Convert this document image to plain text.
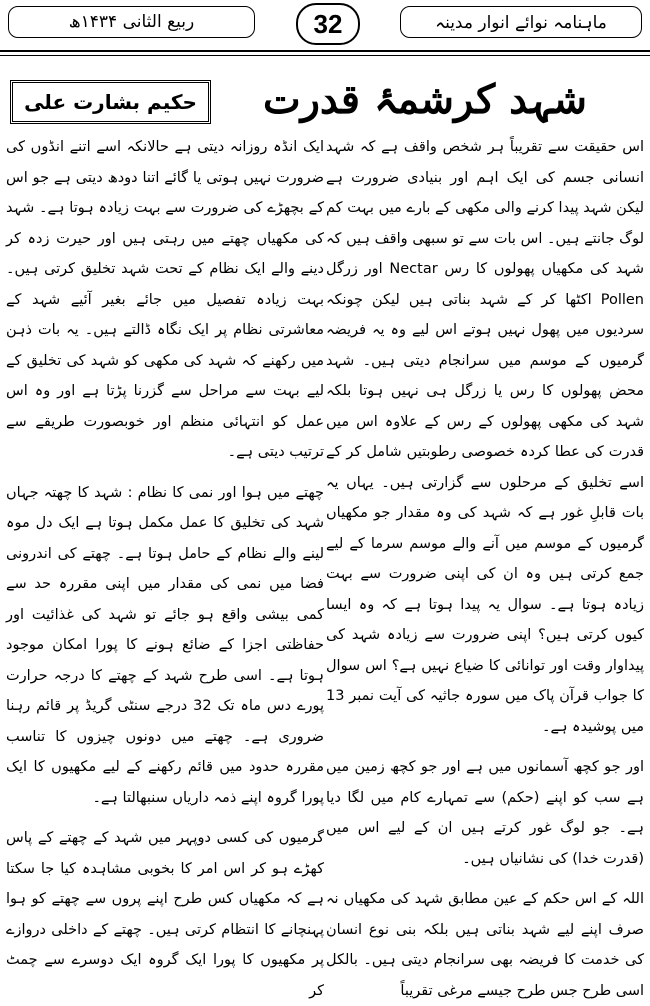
ربیع الثانی ۱۴۳۴ھ	32	ماہنامہ نوائے انوار مدینہ
شہد کرشمۂ قدرت
حکیم بشارت علی

اس حقیقت سے تقریباً ہر شخص واقف ہے کہ شہد انسانی جسم کی ایک اہم اور بنیادی ضرورت ہے لیکن شہد پیدا کرنے والی مکھی کے بارے میں بہت کم لوگ جانتے ہیں۔ اس بات سے تو سبھی واقف ہیں کہ شہد کی مکھیاں پھولوں کا رس Nectar اور زرگل Pollen اکٹھا کر کے شہد بناتی ہیں لیکن چونکہ سردیوں میں پھول نہیں ہوتے اس لیے وہ یہ فریضہ گرمیوں کے موسم میں سرانجام دیتی ہیں۔ شہد محض پھولوں کا رس یا زرگل ہی نہیں ہوتا بلکہ شہد کی مکھی پھولوں کے رس کے علاوہ اس میں قدرت کی عطا کردہ خصوصی رطوبتیں شامل کر کے اسے تخلیق کے مرحلوں سے گزارتی ہیں۔ یہاں یہ بات قابلِ غور ہے کہ شہد کی وہ مقدار جو مکھیاں گرمیوں کے موسم میں آنے والے موسم سرما کے لیے جمع کرتی ہیں وہ ان کی اپنی ضرورت سے بہت زیادہ ہوتا ہے۔ سوال یہ پیدا ہوتا ہے کہ وہ ایسا کیوں کرتی ہیں؟ اپنی ضرورت سے زیادہ شہد کی پیداوار وقت اور توانائی کا ضیاع نہیں ہے؟ اس سوال کا جواب قرآن پاک میں سورہ جاثیہ کی آیت نمبر 13 میں پوشیدہ ہے۔

اور جو کچھ آسمانوں میں ہے اور جو کچھ زمین میں ہے سب کو اپنے (حکم) سے تمہارے کام میں لگا دیا ہے۔ جو لوگ غور کرتے ہیں ان کے لیے اس میں (قدرت خدا) کی نشانیاں ہیں۔

اللہ کے اس حکم کے عین مطابق شہد کی مکھیاں نہ صرف اپنے لیے شہد بناتی ہیں بلکہ بنی نوع انسان کی خدمت کا فریضہ بھی سرانجام دیتی ہیں۔ بالکل اسی طرح جس طرح جیسے مرغی تقریباً

ایک انڈہ روزانہ دیتی ہے حالانکہ اسے اتنے انڈوں کی ضرورت نہیں ہوتی یا گائے اتنا دودھ دیتی ہے جو اس کے بچھڑے کی ضرورت سے بہت زیادہ ہوتا ہے۔ شہد کی مکھیاں چھتے میں رہتی ہیں اور حیرت زدہ کر دینے والے ایک نظام کے تحت شہد تخلیق کرتی ہیں۔ بہت زیادہ تفصیل میں جائے بغیر آئیے شہد کے معاشرتی نظام پر ایک نگاہ ڈالتے ہیں۔ یہ بات ذہن میں رکھنے کہ شہد کی مکھی کو شہد کی تخلیق کے لیے بہت سے مراحل سے گزرنا پڑتا ہے اور وہ اس عمل کو انتہائی منظم اور خوبصورت طریقے سے ترتیب دیتی ہے۔

چھتے میں ہوا اور نمی کا نظام : شہد کا چھتہ جہاں شہد کی تخلیق کا عمل مکمل ہوتا ہے ایک دل موہ لینے والے نظام کے حامل ہوتا ہے۔ چھتے کی اندرونی فضا میں نمی کی مقدار میں اپنی مقررہ حد سے کمی بیشی واقع ہو جائے تو شہد کی غذائیت اور حفاظتی اجزا کے ضائع ہونے کا پورا امکان موجود ہوتا ہے۔ اسی طرح شہد کے چھتے کا درجہ حرارت پورے دس ماہ تک 32 درجے سنٹی گریڈ پر قائم رہنا ضروری ہے۔ چھتے میں دونوں چیزوں کا تناسب مقررہ حدود میں قائم رکھنے کے لیے مکھیوں کا ایک پورا گروہ اپنے ذمہ داریاں سنبھالتا ہے۔

گرمیوں کی کسی دوپہر میں شہد کے چھتے کے پاس کھڑے ہو کر اس امر کا بخوبی مشاہدہ کیا جا سکتا ہے کہ مکھیاں کس طرح اپنے پروں سے چھتے کو ہوا پہنچانے کا انتظام کرتی ہیں۔ چھتے کے داخلی دروازے پر مکھیوں کا پورا ایک گروہ ایک دوسرے سے چمٹ کر
